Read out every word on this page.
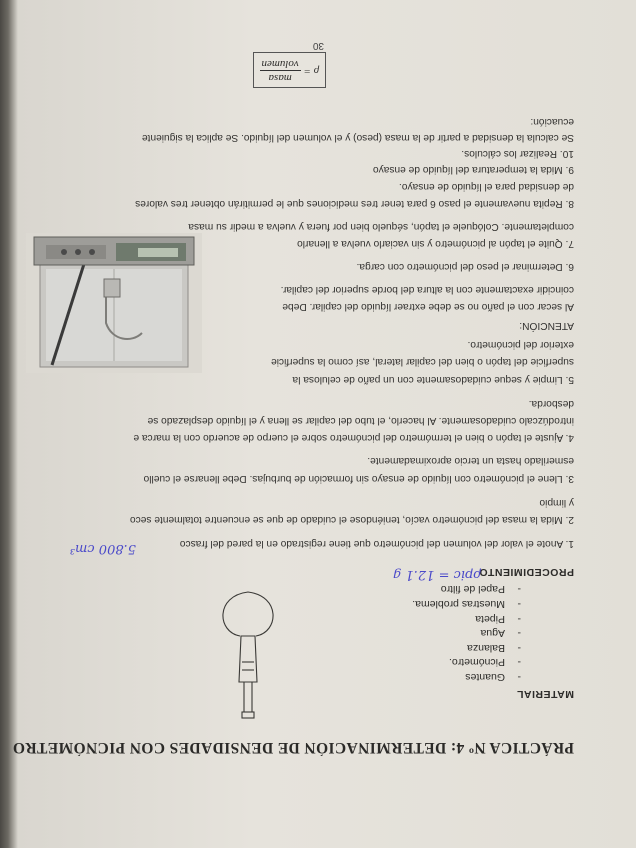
PRÁCTICA Nº 4: DETERMINACIÓN DE DENSIDADES CON PICNÓMETRO
MATERIAL
- Guantes
- Picnómetro.
- Balanza
- Agua
- Pipeta
- Muestras problema.
- Papel de filtro
PROCEDIMIENTO
ρpic = 12.1 g
1. Anote el valor del volumen del picnómetro que tiene registrado en la pared del frasco
5.800 cm³
2. Mida la masa del picnómetro vacío, teniéndose el cuidado de que se encuentre totalmente seco
y limpio
3. Llene el picnómetro con líquido de ensayo sin formación de burbujas. Debe llenarse el cuello
esmerilado hasta un tercio aproximadamente.
4. Ajuste el tapón o bien el termómetro del picnómetro sobre el cuerpo de acuerdo con la marca e
introdúzcalo cuidadosamente. Al hacerlo, el tubo del capilar se llena y el líquido desplazado se
desborda.
5. Limpie y seque cuidadosamente con un paño de celulosa la
superficie del tapón o bien del capilar lateral, así como la superficie
exterior del picnómetro.
ATENCIÓN:
Al secar con el paño no se debe extraer líquido del capilar. Debe
coincidir exactamente con la altura del borde superior del capilar.
6. Determinar el peso del picnómetro con carga.
7. Quite el tapón al picnómetro y sin vaciarlo vuelva a llenarlo
completamente. Colóquele el tapón, séquelo bien por fuera y vuelva a medir su masa
8. Repita nuevamente el paso 6 para tener tres mediciones que le permitirán obtener tres valores
de densidad para el líquido de ensayo.
9. Mida la temperatura del líquido de ensayo
10. Realizar los cálculos.
Se calcula la densidad a partir de la masa (peso) y el volumen del líquido. Se aplica la siguiente
ecuación:
ρ =
masa
volumen
30
